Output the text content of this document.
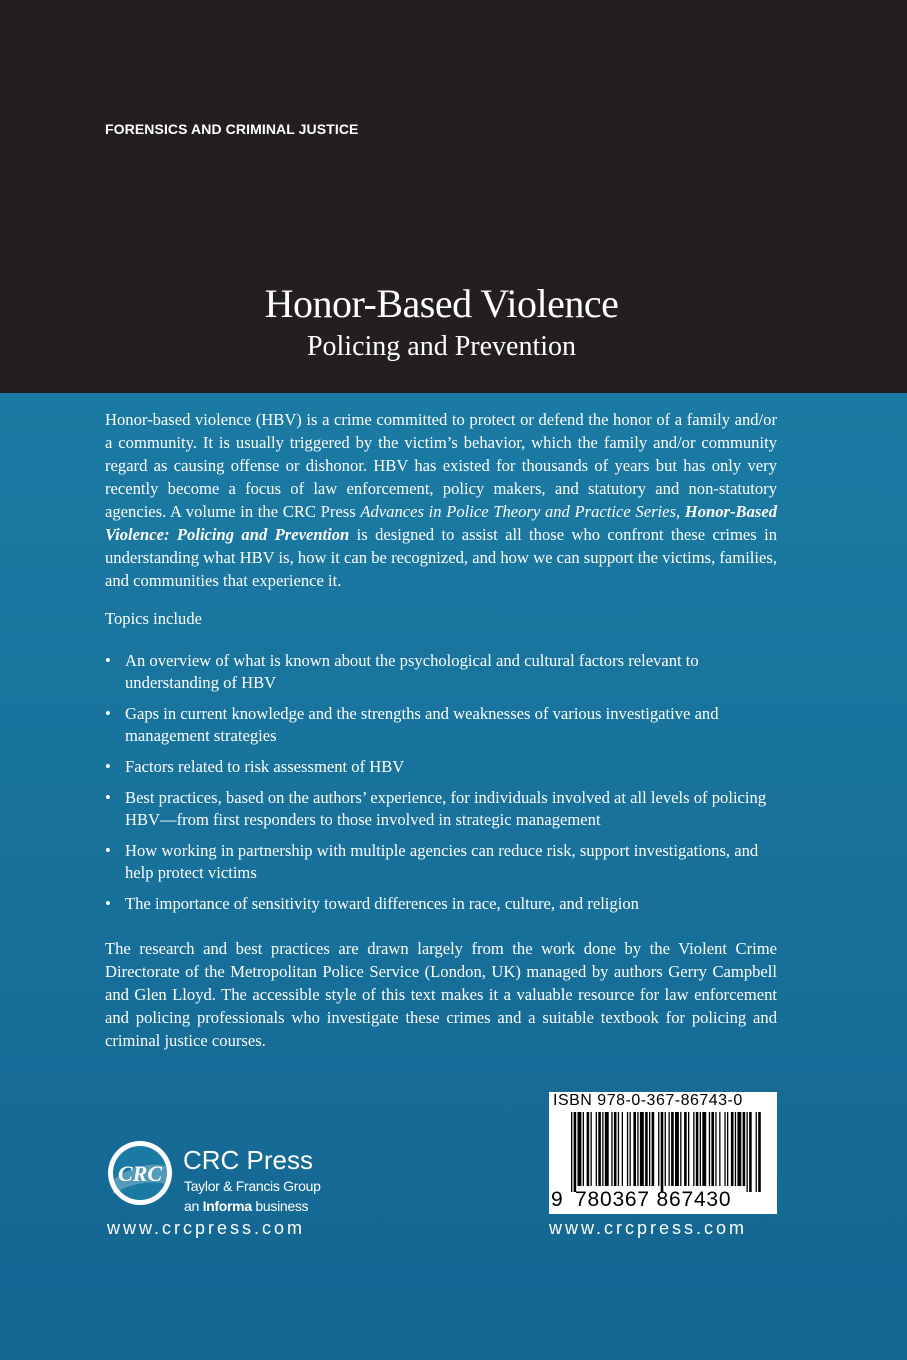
FORENSICS AND CRIMINAL JUSTICE
Honor-Based Violence
Policing and Prevention
Honor-based violence (HBV) is a crime committed to protect or defend the honor of a family and/or a community. It is usually triggered by the victim’s behavior, which the family and/or community regard as causing offense or dishonor. HBV has existed for thousands of years but has only very recently become a focus of law enforcement, policy makers, and statutory and non-statutory agencies. A volume in the CRC Press Advances in Police Theory and Practice Series, Honor-Based Violence: Policing and Prevention is designed to assist all those who confront these crimes in understanding what HBV is, how it can be recognized, and how we can support the victims, families, and communities that experience it.
Topics include
• An overview of what is known about the psychological and cultural factors relevant to understanding of HBV
• Gaps in current knowledge and the strengths and weaknesses of various investigative and management strategies
• Factors related to risk assessment of HBV
• Best practices, based on the authors’ experience, for individuals involved at all levels of policing HBV—from first responders to those involved in strategic management
• How working in partnership with multiple agencies can reduce risk, support investigations, and help protect victims
• The importance of sensitivity toward differences in race, culture, and religion
The research and best practices are drawn largely from the work done by the Violent Crime Directorate of the Metropolitan Police Service (London, UK) managed by authors Gerry Campbell and Glen Lloyd. The accessible style of this text makes it a valuable resource for law enforcement and policing professionals who investigate these crimes and a suitable textbook for policing and criminal justice courses.
CRC CRC Press
Taylor & Francis Group
an Informa business
www.crcpress.com
ISBN 978-0-367-86743-0
9 780367 867430
www.crcpress.com
